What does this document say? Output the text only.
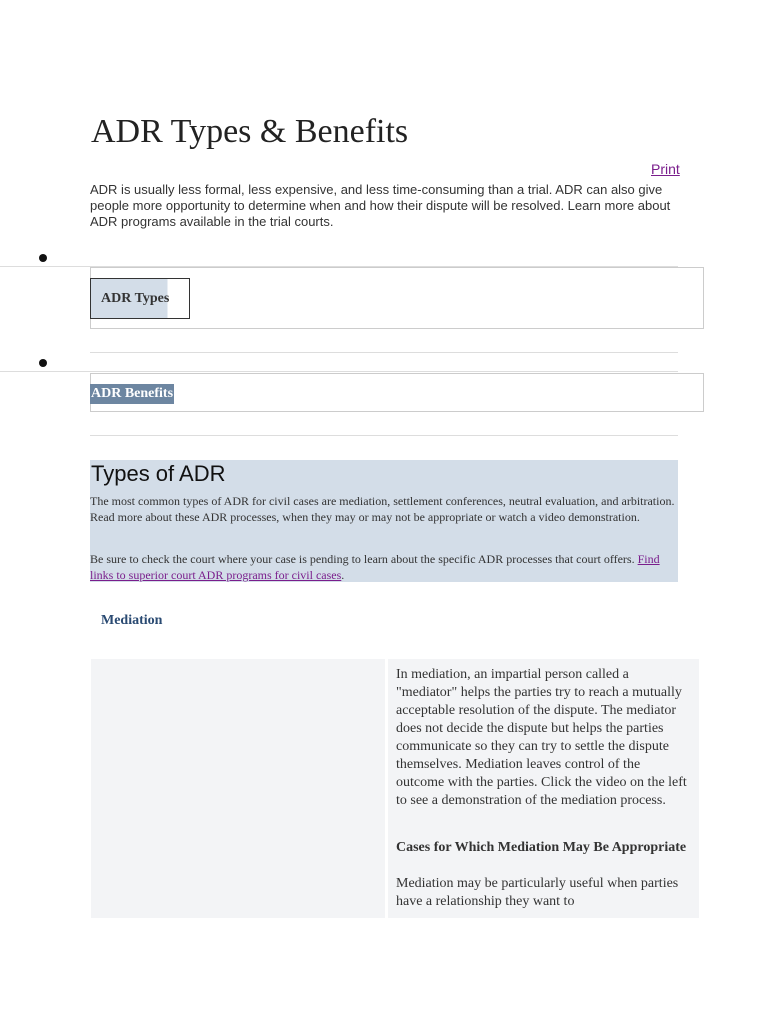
ADR Types & Benefits
Print

ADR is usually less formal, less expensive, and less time-consuming than a trial. ADR can also give people more opportunity to determine when and how their dispute will be resolved. Learn more about ADR programs available in the trial courts.

ADR Types
ADR Benefits
Types of ADR

The most common types of ADR for civil cases are mediation, settlement conferences, neutral evaluation, and arbitration. Read more about these ADR processes, when they may or may not be appropriate or watch a video demonstration.

Be sure to check the court where your case is pending to learn about the specific ADR processes that court offers. Find links to superior court ADR programs for civil cases.

Mediation

In mediation, an impartial person called a "mediator" helps the parties try to reach a mutually acceptable resolution of the dispute. The mediator does not decide the dispute but helps the parties communicate so they can try to settle the dispute themselves. Mediation leaves control of the outcome with the parties. Click the video on the left to see a demonstration of the mediation process.

Cases for Which Mediation May Be Appropriate

Mediation may be particularly useful when parties have a relationship they want to
